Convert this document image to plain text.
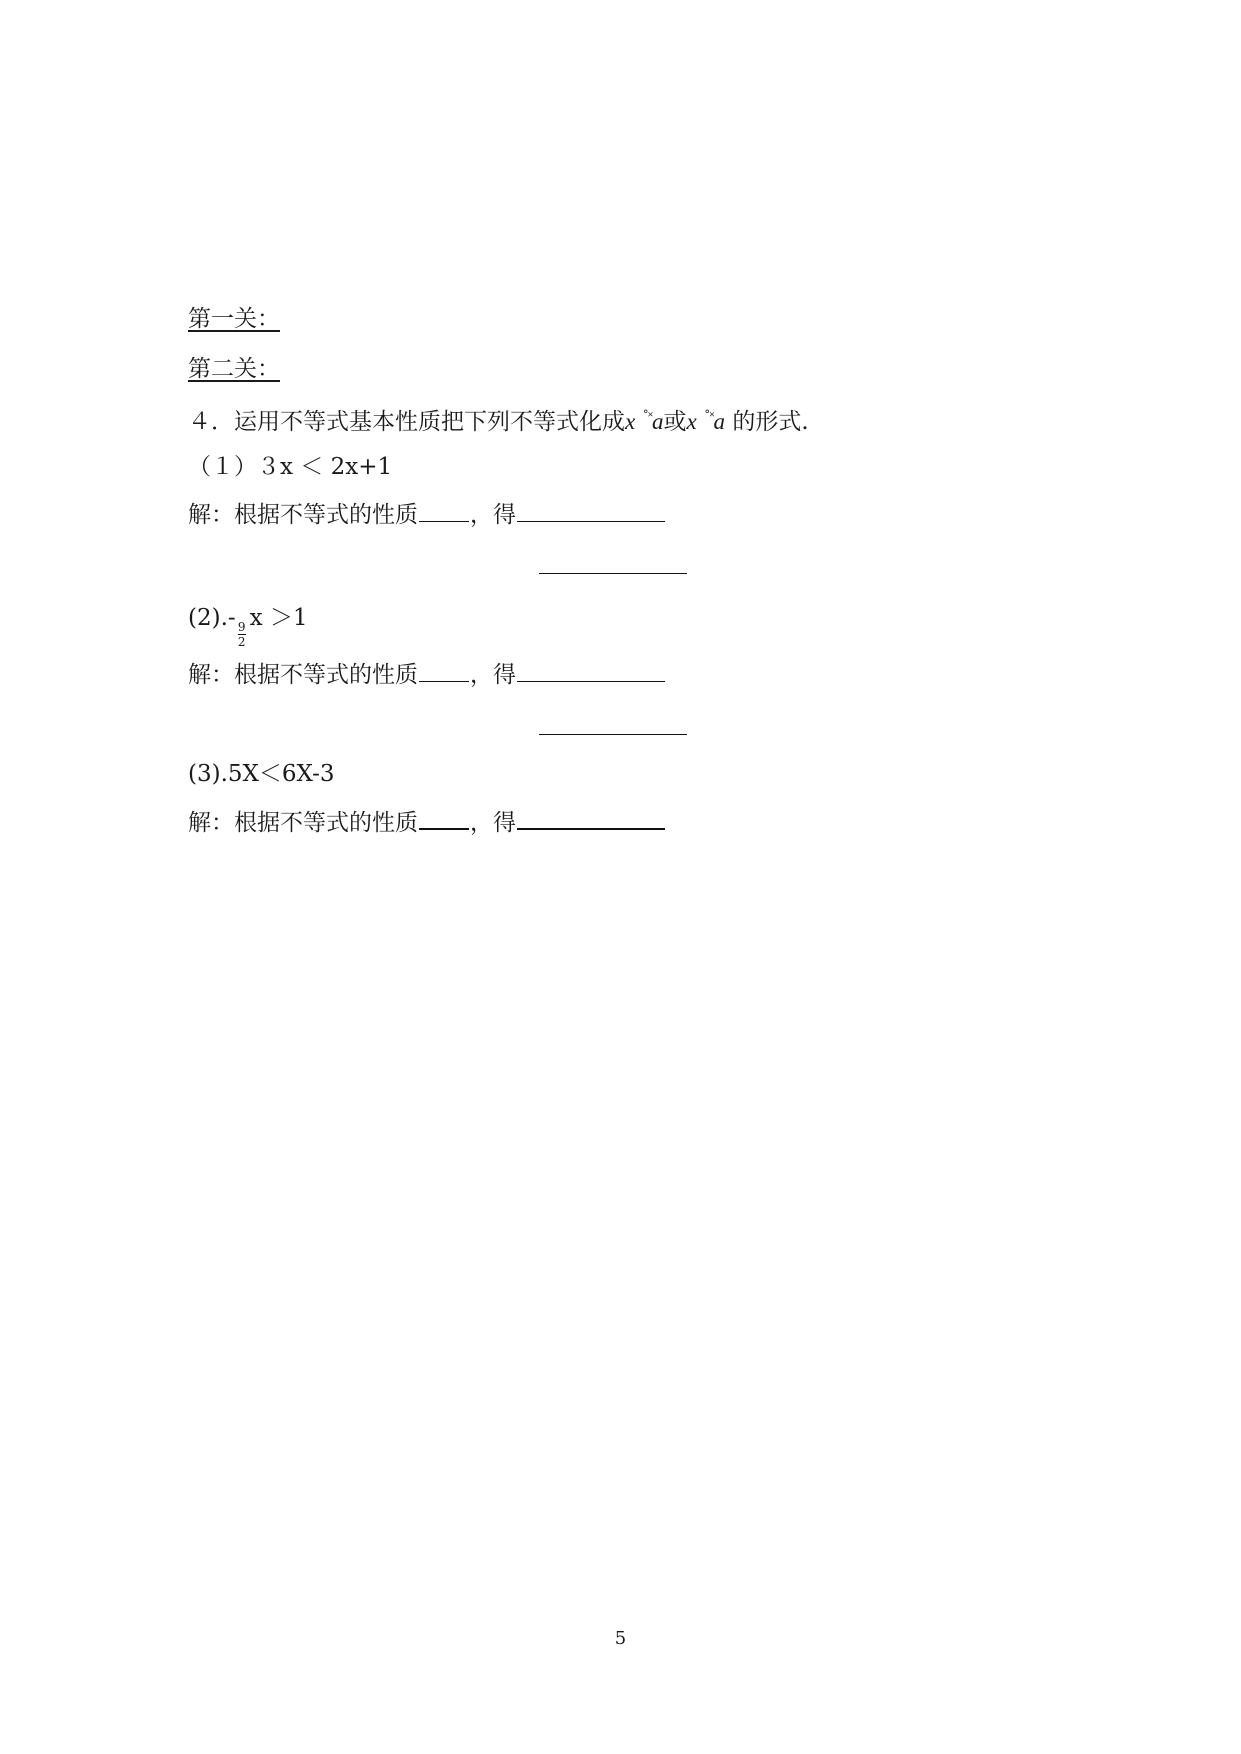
第一关：
第二关：
４．运用不等式基本性质把下列不等式化成x ˚˟a或x ˚˟a 的形式.
（１）３x ＜ 2x+1
解：根据不等式的性质 ，得
(2).-
$\frac{9}{2}$
x ＞1
解：根据不等式的性质 ，得
(3).5X＜6X-3
解：根据不等式的性质 ，得
5
